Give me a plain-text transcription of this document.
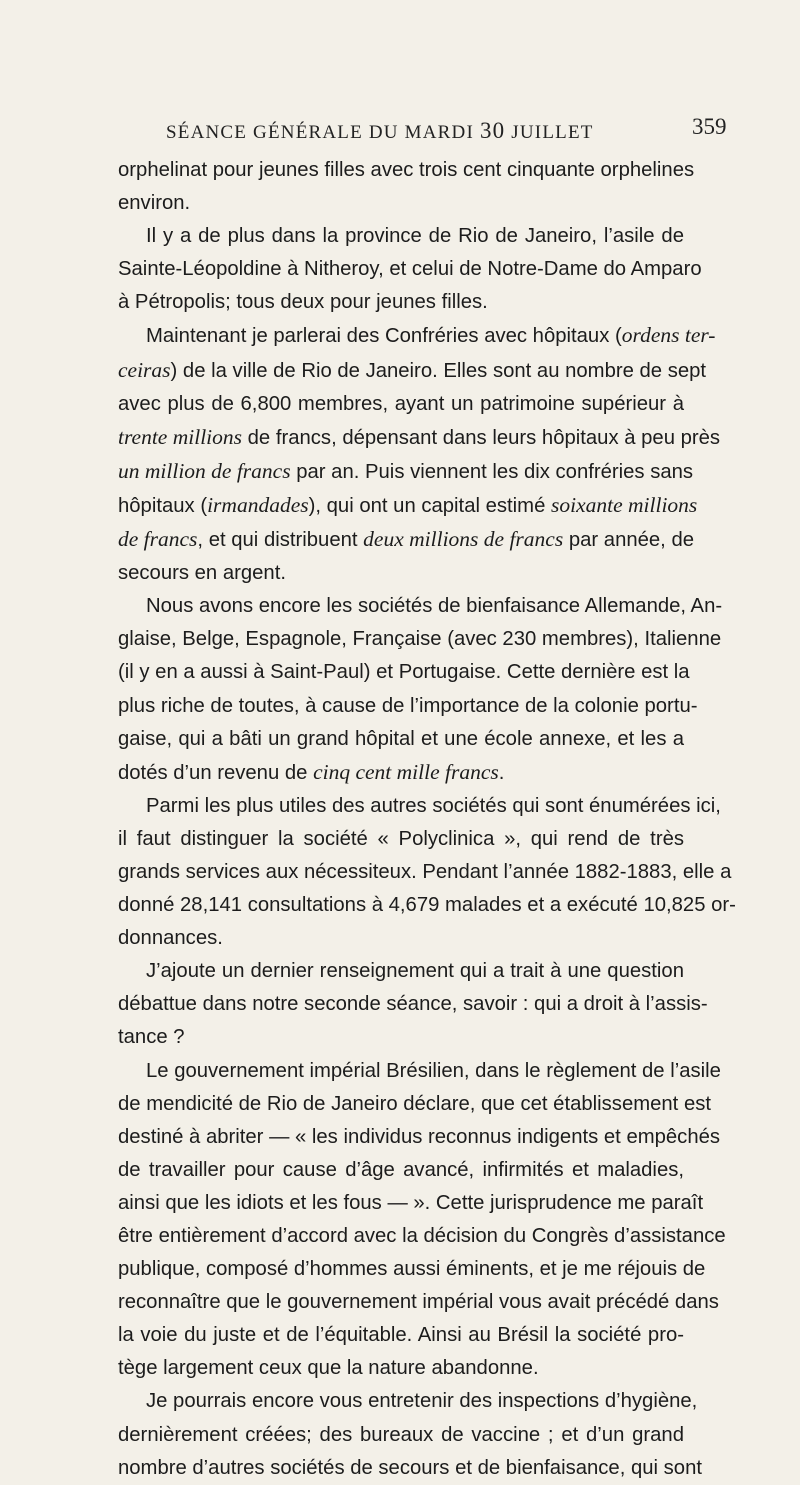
SÉANCE GÉNÉRALE DU MARDI 30 JUILLET	359
orphelinat pour jeunes filles avec trois cent cinquante orphelines
environ.
Il y a de plus dans la province de Rio de Janeiro, l’asile de
Sainte-Léopoldine à Nitheroy, et celui de Notre-Dame do Amparo
à Pétropolis; tous deux pour jeunes filles.
Maintenant je parlerai des Confréries avec hôpitaux (ordens ter-
ceiras) de la ville de Rio de Janeiro. Elles sont au nombre de sept
avec plus de 6,800 membres, ayant un patrimoine supérieur à
trente millions de francs, dépensant dans leurs hôpitaux à peu près
un million de francs par an. Puis viennent les dix confréries sans
hôpitaux (irmandades), qui ont un capital estimé soixante millions
de francs, et qui distribuent deux millions de francs par année, de
secours en argent.
Nous avons encore les sociétés de bienfaisance Allemande, An-
glaise, Belge, Espagnole, Française (avec 230 membres), Italienne
(il y en a aussi à Saint-Paul) et Portugaise. Cette dernière est la
plus riche de toutes, à cause de l’importance de la colonie portu-
gaise, qui a bâti un grand hôpital et une école annexe, et les a
dotés d’un revenu de cinq cent mille francs.
Parmi les plus utiles des autres sociétés qui sont énumérées ici,
il faut distinguer la société « Polyclinica », qui rend de très
grands services aux nécessiteux. Pendant l’année 1882-1883, elle a
donné 28,141 consultations à 4,679 malades et a exécuté 10,825 or-
donnances.
J’ajoute un dernier renseignement qui a trait à une question
débattue dans notre seconde séance, savoir : qui a droit à l’assis-
tance ?
Le gouvernement impérial Brésilien, dans le règlement de l’asile
de mendicité de Rio de Janeiro déclare, que cet établissement est
destiné à abriter — « les individus reconnus indigents et empêchés
de travailler pour cause d’âge avancé, infirmités et maladies,
ainsi que les idiots et les fous — ». Cette jurisprudence me paraît
être entièrement d’accord avec la décision du Congrès d’assistance
publique, composé d’hommes aussi éminents, et je me réjouis de
reconnaître que le gouvernement impérial vous avait précédé dans
la voie du juste et de l’équitable. Ainsi au Brésil la société pro-
tège largement ceux que la nature abandonne.
Je pourrais encore vous entretenir des inspections d’hygiène,
dernièrement créées; des bureaux de vaccine ; et d’un grand
nombre d’autres sociétés de secours et de bienfaisance, qui sont
